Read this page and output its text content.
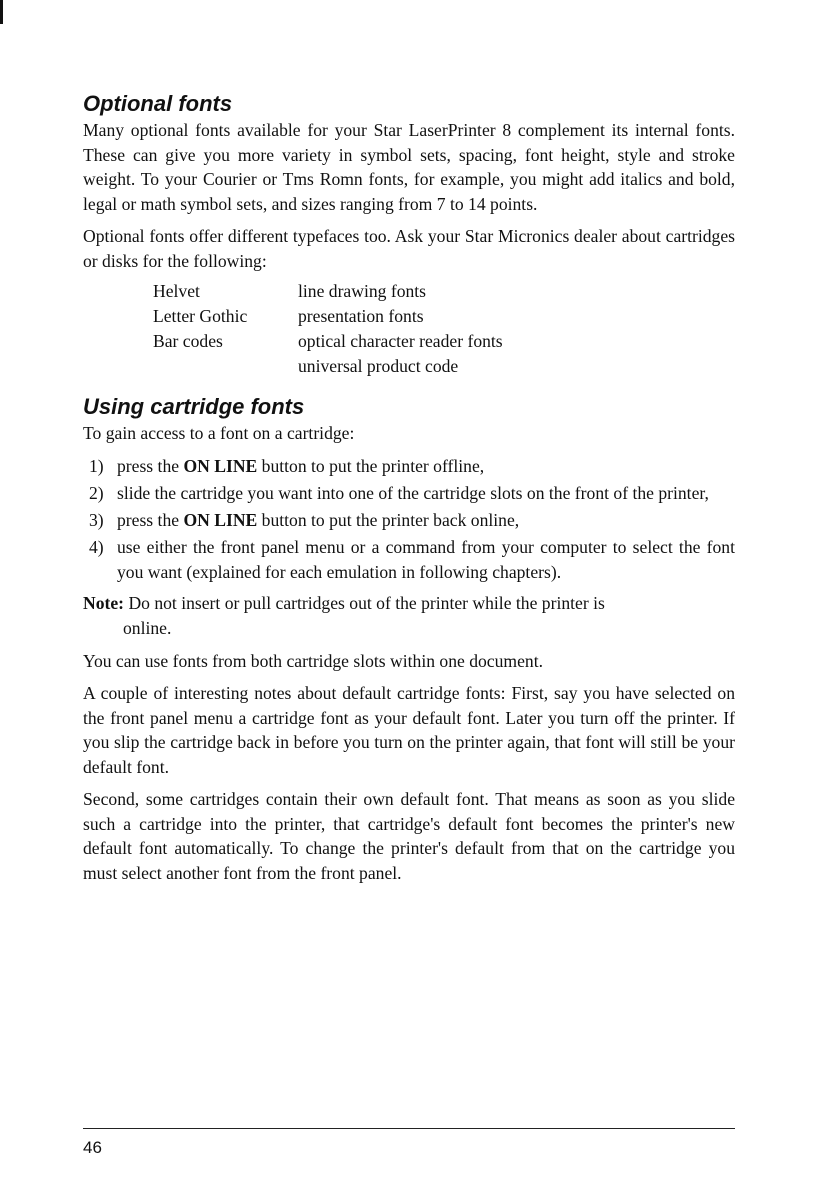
Optional fonts

Many optional fonts available for your Star LaserPrinter 8 complement its internal fonts. These can give you more variety in symbol sets, spacing, font height, style and stroke weight. To your Courier or Tms Romn fonts, for example, you might add italics and bold, legal or math symbol sets, and sizes ranging from 7 to 14 points.

Optional fonts offer different typefaces too. Ask your Star Micronics dealer about cartridges or disks for the following:

Helvet	line drawing fonts
Letter Gothic	presentation fonts
Bar codes	optical character reader fonts
	universal product code
Using cartridge fonts

To gain access to a font on a cartridge:

1) press the ON LINE button to put the printer offline,
2) slide the cartridge you want into one of the cartridge slots on the front of the printer,
3) press the ON LINE button to put the printer back online,
4) use either the front panel menu or a command from your computer to select the font you want (explained for each emulation in following chapters).
Note: Do not insert or pull cartridges out of the printer while the printer is
online.

You can use fonts from both cartridge slots within one document.

A couple of interesting notes about default cartridge fonts: First, say you have selected on the front panel menu a cartridge font as your default font. Later you turn off the printer. If you slip the cartridge back in before you turn on the printer again, that font will still be your default font.

Second, some cartridges contain their own default font. That means as soon as you slide such a cartridge into the printer, that cartridge's default font becomes the printer's new default font automatically. To change the printer's default from that on the cartridge you must select another font from the front panel.

46
